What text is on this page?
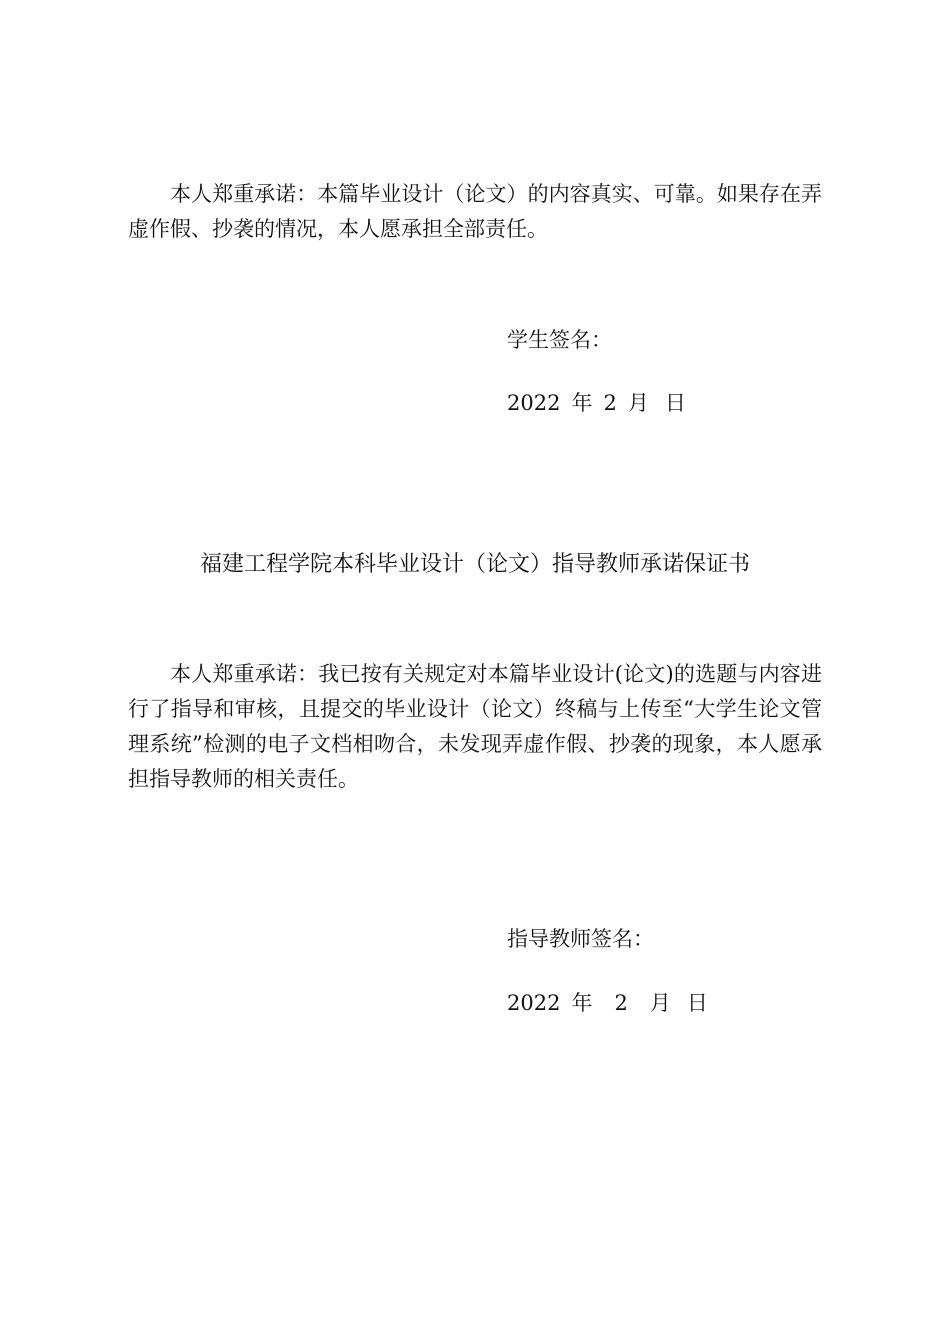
本人郑重承诺：本篇毕业设计（论文）的内容真实、可靠。如果存在弄虚作假、抄袭的情况，本人愿承担全部责任。

学生签名：
2022 年 2 月 日
福建工程学院本科毕业设计（论文）指导教师承诺保证书

本人郑重承诺：我已按有关规定对本篇毕业设计(论文)的选题与内容进行了指导和审核，且提交的毕业设计（论文）终稿与上传至“大学生论文管理系统”检测的电子文档相吻合，未发现弄虚作假、抄袭的现象，本人愿承担指导教师的相关责任。

指导教师签名：
2022 年 2 月 日
